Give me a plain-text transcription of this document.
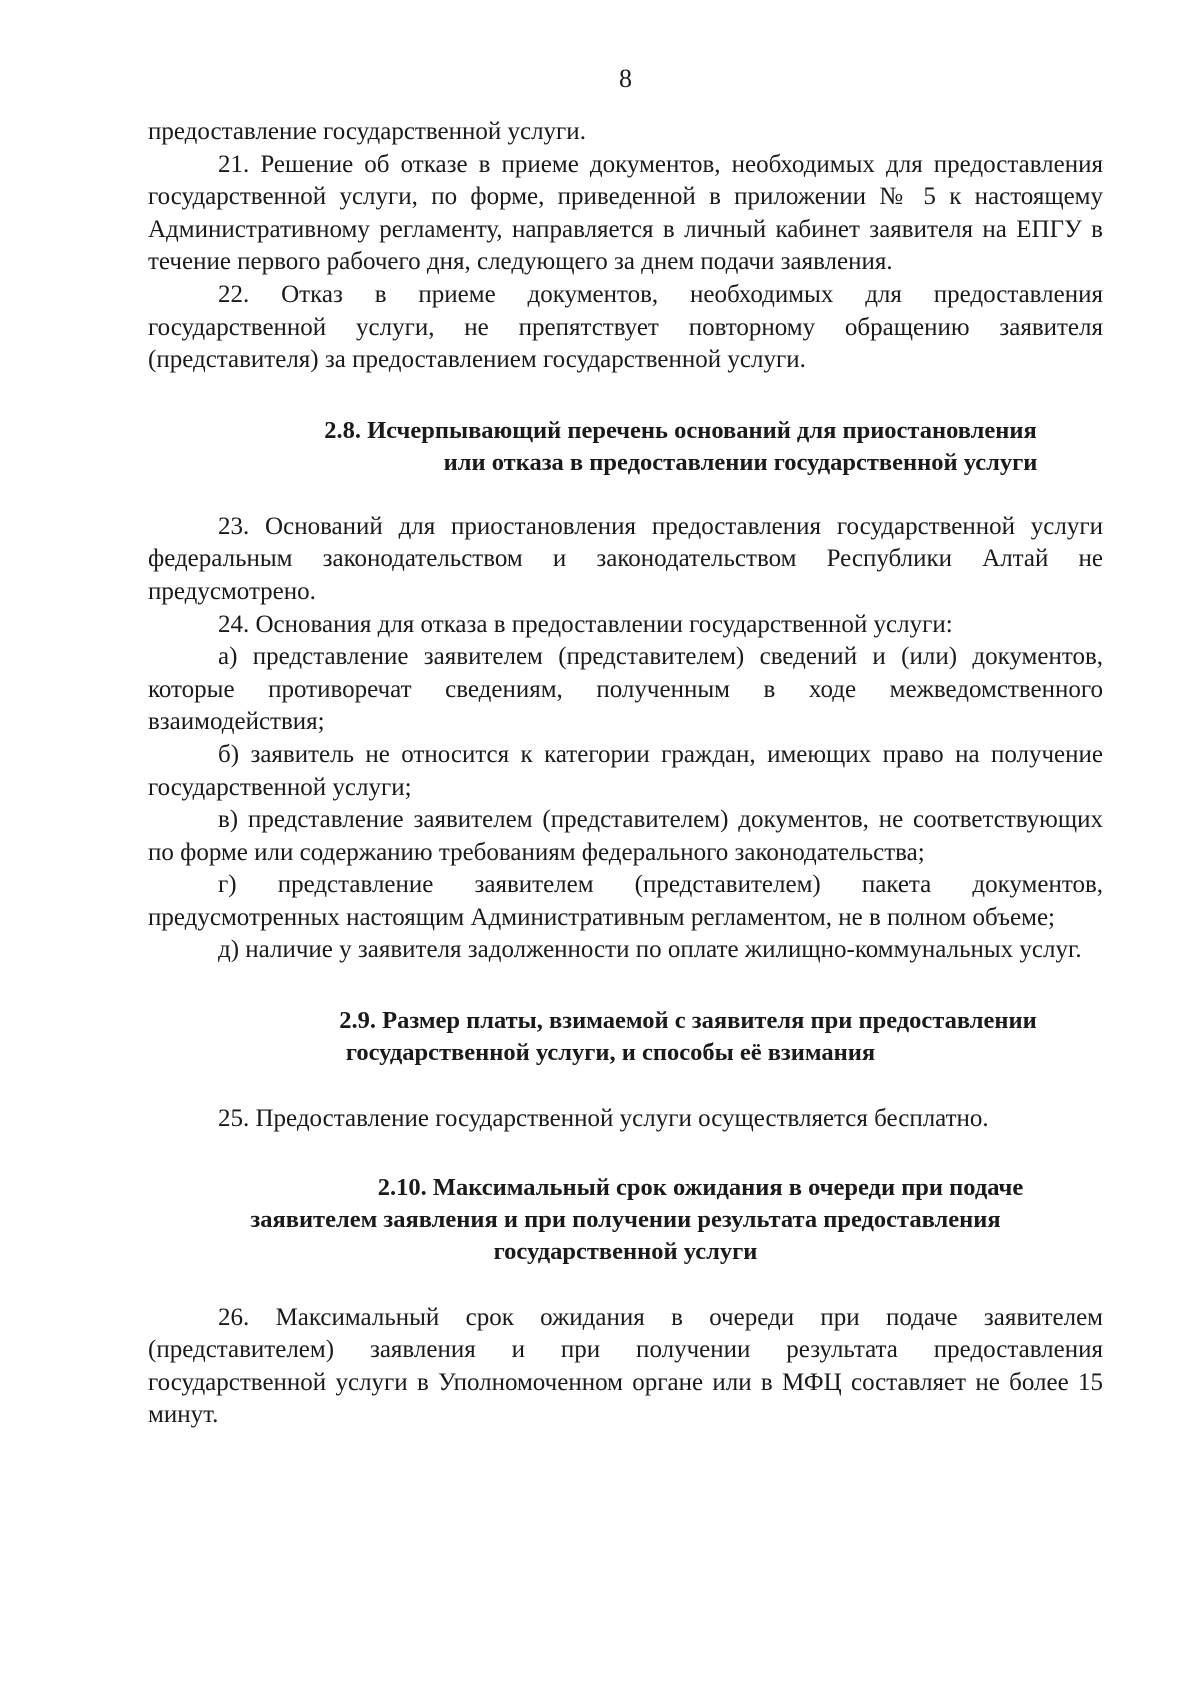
8

предоставление государственной услуги.

21. Решение об отказе в приеме документов, необходимых для предоставления государственной услуги, по форме, приведенной в приложении № 5 к настоящему Административному регламенту, направляется в личный кабинет заявителя на ЕПГУ в течение первого рабочего дня, следующего за днем подачи заявления.

22. Отказ в приеме документов, необходимых для предоставления государственной услуги, не препятствует повторному обращению заявителя (представителя) за предоставлением государственной услуги.

2.8. Исчерпывающий перечень оснований для приостановления
или отказа в предоставлении государственной услуги

23. Оснований для приостановления предоставления государственной услуги федеральным законодательством и законодательством Республики Алтай не предусмотрено.

24. Основания для отказа в предоставлении государственной услуги:

а) представление заявителем (представителем) сведений и (или) документов, которые противоречат сведениям, полученным в ходе межведомственного взаимодействия;

б) заявитель не относится к категории граждан, имеющих право на получение государственной услуги;

в) представление заявителем (представителем) документов, не соответствующих по форме или содержанию требованиям федерального законодательства;

г) представление заявителем (представителем) пакета документов, предусмотренных настоящим Административным регламентом, не в полном объеме;

д) наличие у заявителя задолженности по оплате жилищно-коммунальных услуг.

2.9. Размер платы, взимаемой с заявителя при предоставлении
государственной услуги, и способы её взимания

25. Предоставление государственной услуги осуществляется бесплатно.

2.10. Максимальный срок ожидания в очереди при подаче
заявителем заявления и при получении результата предоставления
государственной услуги

26. Максимальный срок ожидания в очереди при подаче заявителем (представителем) заявления и при получении результата предоставления государственной услуги в Уполномоченном органе или в МФЦ составляет не более 15 минут.
